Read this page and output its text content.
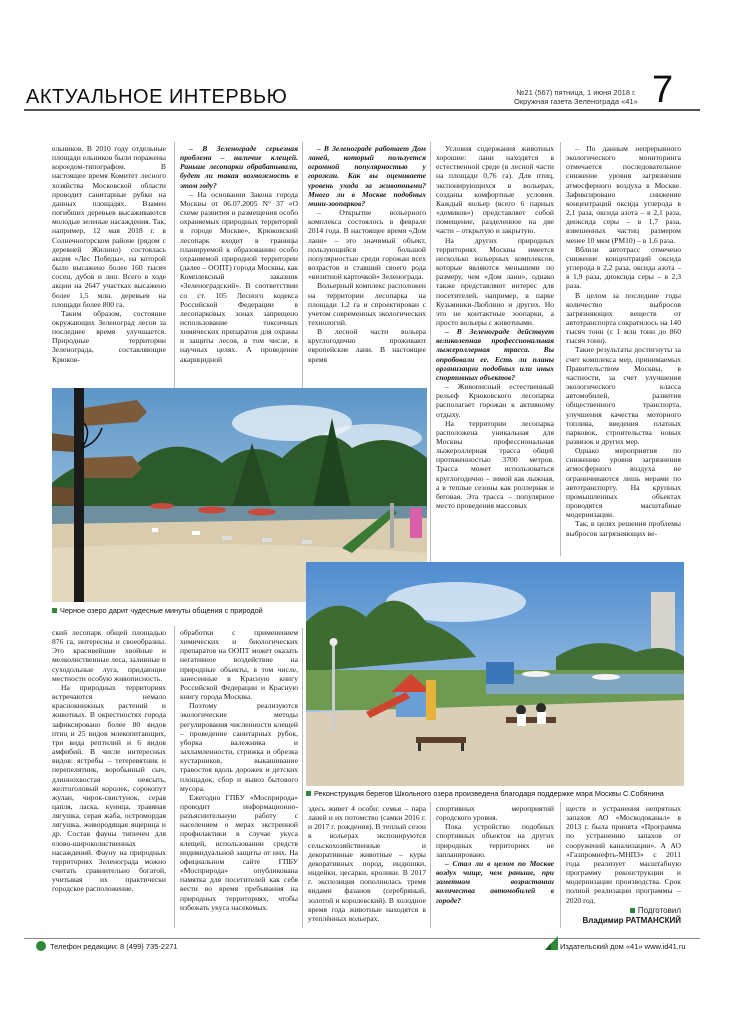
АКТУАЛЬНОЕ ИНТЕРВЬЮ	№21 (567) пятница, 1 июня 2018 г.
Окружная газета Зеленограда «41» 7

ельников. В 2010 году отдельные площади ельников были поражены короедом-типографом. В настоящее время Комитет лесного хозяйства Московской области проводит санитарные рубки на данных площадях. Взамен погибших деревьев высаживаются молодые зеленые насаждения. Так, например, 12 мая 2018 г. в Солнечногорском районе (рядом с деревней Жилино) состоялась акция «Лес Победы», на которой было высажено более 160 тысяч сосен, дубов и лип. Всего в ходе акции на 2647 участках высажено более 1,5 млн. деревьев на площади более 800 га.

Таким образом, состояние окружающих Зеленоград лесов за последнее время улучшается. Природные территории Зеленограда, составляющие Крюков-

– В Зеленограде серьезная проблема – наличие клещей. Раньше лесопарки обрабатывали, будет ли такая возможность в этом году?

– На основании Закона города Москвы от 06.07.2005 N° 37 «О схеме развития и размещения особо охраняемых природных территорий в городе Москве», Крюковский лесопарк входит в границы планируемой к образованию особо охраняемой природной территории (далее – ООПТ) города Москвы, как Комплексный заказник «Зеленоградский». В соответствии со ст. 105 Лесного кодекса Российской Федерации в лесопарковых зонах запрещено использование токсичных химических препаратов для охраны и защиты лесов, в том числе, в научных целях. А проведение акарицидной

– В Зеленограде работает Дом ланей, который пользуется огромной популярностью у горожан. Как вы оцениваете уровень ухода за животными? Много ли в Москве подобных мини-зоопарков?

– Открытие вольерного комплекса состоялось в феврале 2014 года. В настоящее время «Дом лани» – это значимый объект, пользующийся большой популярностью среди горожан всех возрастов и ставший своего рода «визитной карточкой» Зеленограда.

Вольерный комплекс расположен на территории лесопарка на площади 1,2 га и спроектирован с учетом современных экологических технологий.

В лесной части вольера круглогодично проживают европейские лани. В настоящее время

Условия содержания животных хорошие: лани находятся в естественной среде (в лесной части на площади 0,76 га). Для птиц, экспонирующихся в вольерах, созданы комфортные условия. Каждый вольер (всего 6 парных «домиков») представляет собой помещение, разделенное на две части – открытую и закрытую.

На других природных территориях Москвы имеется несколько вольерных комплексов, которые являются меньшими по размеру, чем «Дом лани», однако также представляют интерес для посетителей, например, в парке Кузьминки-Люблино и других. Но это не контактные зоопарки, а просто вольеры с животными.

– В Зеленограде действует великолепная профессиональная лыжероллерная трасса. Вы опробовали ее. Есть ли планы организации подобных или иных спортивных объектов?

– Живописный естественный рельеф Крюковского лесопарка располагает горожан к активному отдыху.

На территории лесопарка расположена уникальная для Москвы профессиональная лыжероллерная трасса общей протяженностью 3700 метров. Трасса может использоваться круглогодично – зимой как лыжная, а в теплые сезоны как роллерная и беговая. Эта трасса – популярное место проведения массовых

– По данным непрерывного экологического мониторинга отмечается последовательное снижение уровня загрязнения атмосферного воздуха в Москве. Зафиксировано снижение концентраций оксида углерода в 2,1 раза, оксида азота – в 2,1 раза, диоксида серы – в 1,7 раза, взвешенных частиц размером менее 10 мкм (РМ10) – в 1,6 раза.

Вблизи автотрасс отмечено снижение концентраций оксида углерода в 2,2 раза, оксида азота – в 1,9 раза, диоксида серы – в 2,3 раза.

В целом за последние годы количество выбросов загрязняющих веществ от автотранспорта сократилось на 140 тысяч тонн (с 1 млн тонн до 860 тысяч тонн).

Такие результаты достигнуты за счет комплекса мер, принимаемых Правительством Москвы, в частности, за счет улучшения экологического класса автомобилей, развития общественного транспорта, улучшения качества моторного топлива, введения платных парковок, строительства новых развязок и других мер.

Однако мероприятия по снижению уровня загрязнения атмосферного воздуха не ограничиваются лишь мерами по автотранспорту. На крупных промышленных объектах проводятся масштабные модернизации.

Так, в целях решения проблемы выбросов загрязняющих ве-

Черное озеро дарит чудесные минуты общения с природой

ский лесопарк общей площадью 876 га, интересны и своеобразны. Это красивейшие хвойные и мелколиственные леса, заливные и суходольные луга, придающие местности особую живописность.

На природных территориях встречаются немало краснокнижных растений и животных. В окрестностях города зафиксировано более 80 видов птиц и 25 видов млекопитающих, три вида рептилий и 6 видов амфибий. В числе интересных видов: ястребы – тетеревятник и перепелятник, воробьиный сыч, длиннохвостая неясыть, желтоголовый королек, сорокопут жулан, чирок-свистунок, серая цапля, ласка, куница, травяная лягушка, серая жаба, остромордая лягушка, живородящая ящерица и др. Состав фауны типичен для еловo-широколиственных насаждений. Фауну на природных территориях Зеленограда можно считать сравнительно богатой, учитывая их практически городское расположение.

обработки с применением химических и биологических препаратов на ООПТ может оказать негативное воздействие на природные объекты, в том числе, занесенные в Красную книгу Российской Федерации и Красную книгу города Москвы.

Поэтому реализуются экологические методы регулирования численности клещей – проведение санитарных рубок, уборка валежника и захламленности, стрижка и обрезка кустарников, выкашивание травостоя вдоль дорожек и детских площадок, сбор и вывоз бытового мусора.

Ежегодно ГПБУ «Мосприрода» проводит информационно-разъяснительную работу с населением о мерах экстренной профилактики в случае укуса клещей, использовании средств индивидуальной защиты от них. На официальном сайте ГПБУ «Мосприрода» опубликована памятка для посетителей как себя вести во время пребывания на природных территориях, чтобы избежать укуса насекомых.

Реконструкция берегов Школьного озера произведена благодаря поддержке мэра Москвы С.Собянина

здесь живет 4 особи: семья – пара ланей и их потомство (самки 2016 г. и 2017 г. рождения). В теплый сезон в вольерах экспонируются сельскохозяйственные и декоративные животные – куры декоративных пород, индюшки, индейки, цесарки, кролики. В 2017 г. экспозиция пополнилась тремя видами фазанов (серебряный, золотой и королевский). В холодное время года животные находятся в утеплённых вольерах.

спортивных мероприятий городского уровня.

Пока устройство подобных спортивных объектов на других природных территориях не запланировано.

– Стал ли в целом по Москве воздух чище, чем раньше, при заметном возрастании количества автомобилей в городе?

ществ и устранения непрятных запахов АО «Мосводоканал» в 2013 г. была принята «Программа по устранению запахов от сооружений канализации». А АО «Газпромнефть-МНПЗ» с 2011 года реализует масштабную программу реконструкции и модернизации производства. Срок полной реализации программы – 2020 год.

Подготовил
Владимир РАТМАНСКИЙ
Телефон редакции: 8 (499) 735-2271	Издательский дом «41» www.id41.ru
